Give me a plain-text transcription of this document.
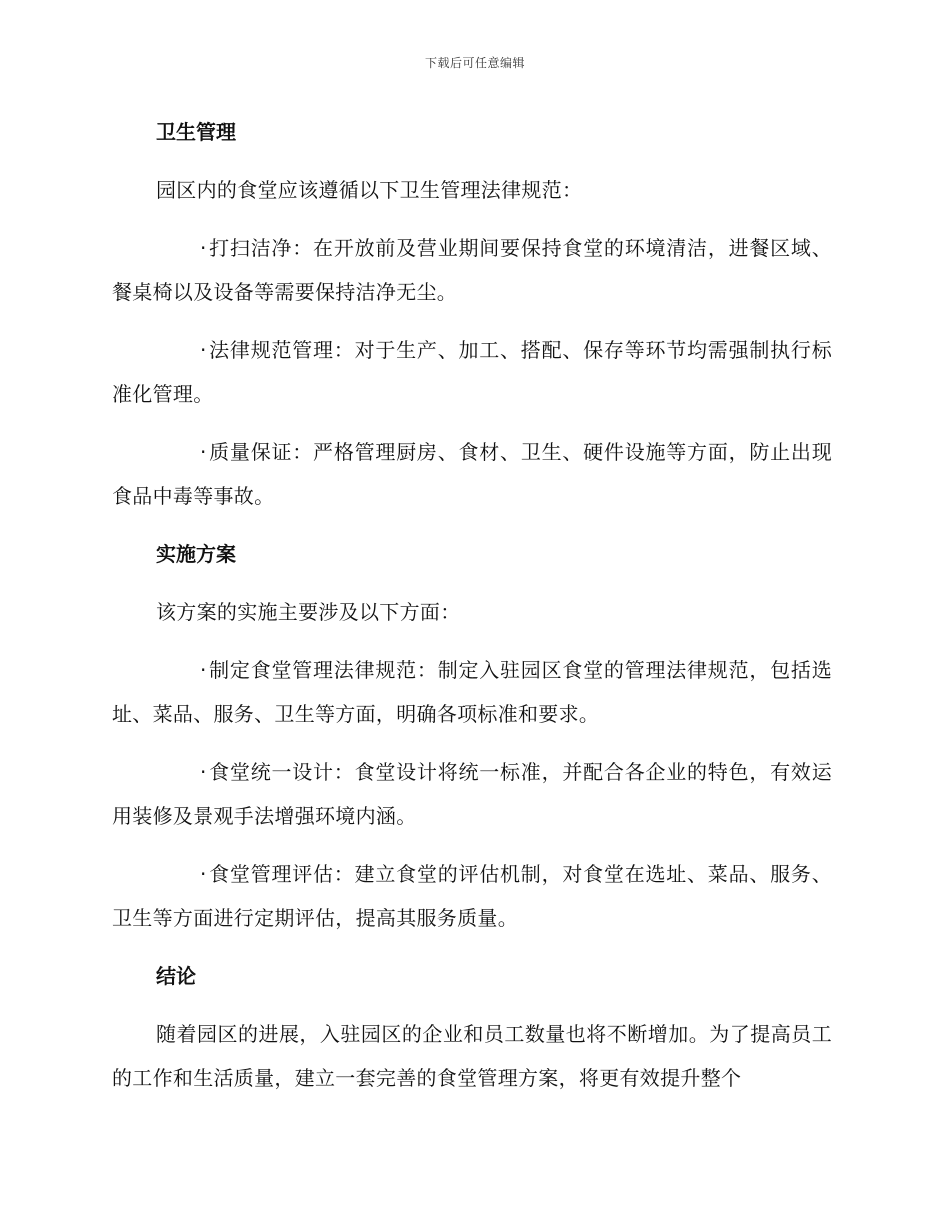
下载后可任意编辑
卫生管理
园区内的食堂应该遵循以下卫生管理法律规范：
· 打扫洁净：在开放前及营业期间要保持食堂的环境清洁，进餐区域、餐桌椅以及设备等需要保持洁净无尘。
· 法律规范管理：对于生产、加工、搭配、保存等环节均需强制执行标准化管理。
· 质量保证：严格管理厨房、食材、卫生、硬件设施等方面，防止出现食品中毒等事故。
实施方案
该方案的实施主要涉及以下方面：
· 制定食堂管理法律规范：制定入驻园区食堂的管理法律规范，包括选址、菜品、服务、卫生等方面，明确各项标准和要求。
· 食堂统一设计：食堂设计将统一标准，并配合各企业的特色，有效运用装修及景观手法增强环境内涵。
· 食堂管理评估：建立食堂的评估机制，对食堂在选址、菜品、服务、卫生等方面进行定期评估，提高其服务质量。
结论
随着园区的进展，入驻园区的企业和员工数量也将不断增加。为了提高员工的工作和生活质量，建立一套完善的食堂管理方案，将更有效提升整个
